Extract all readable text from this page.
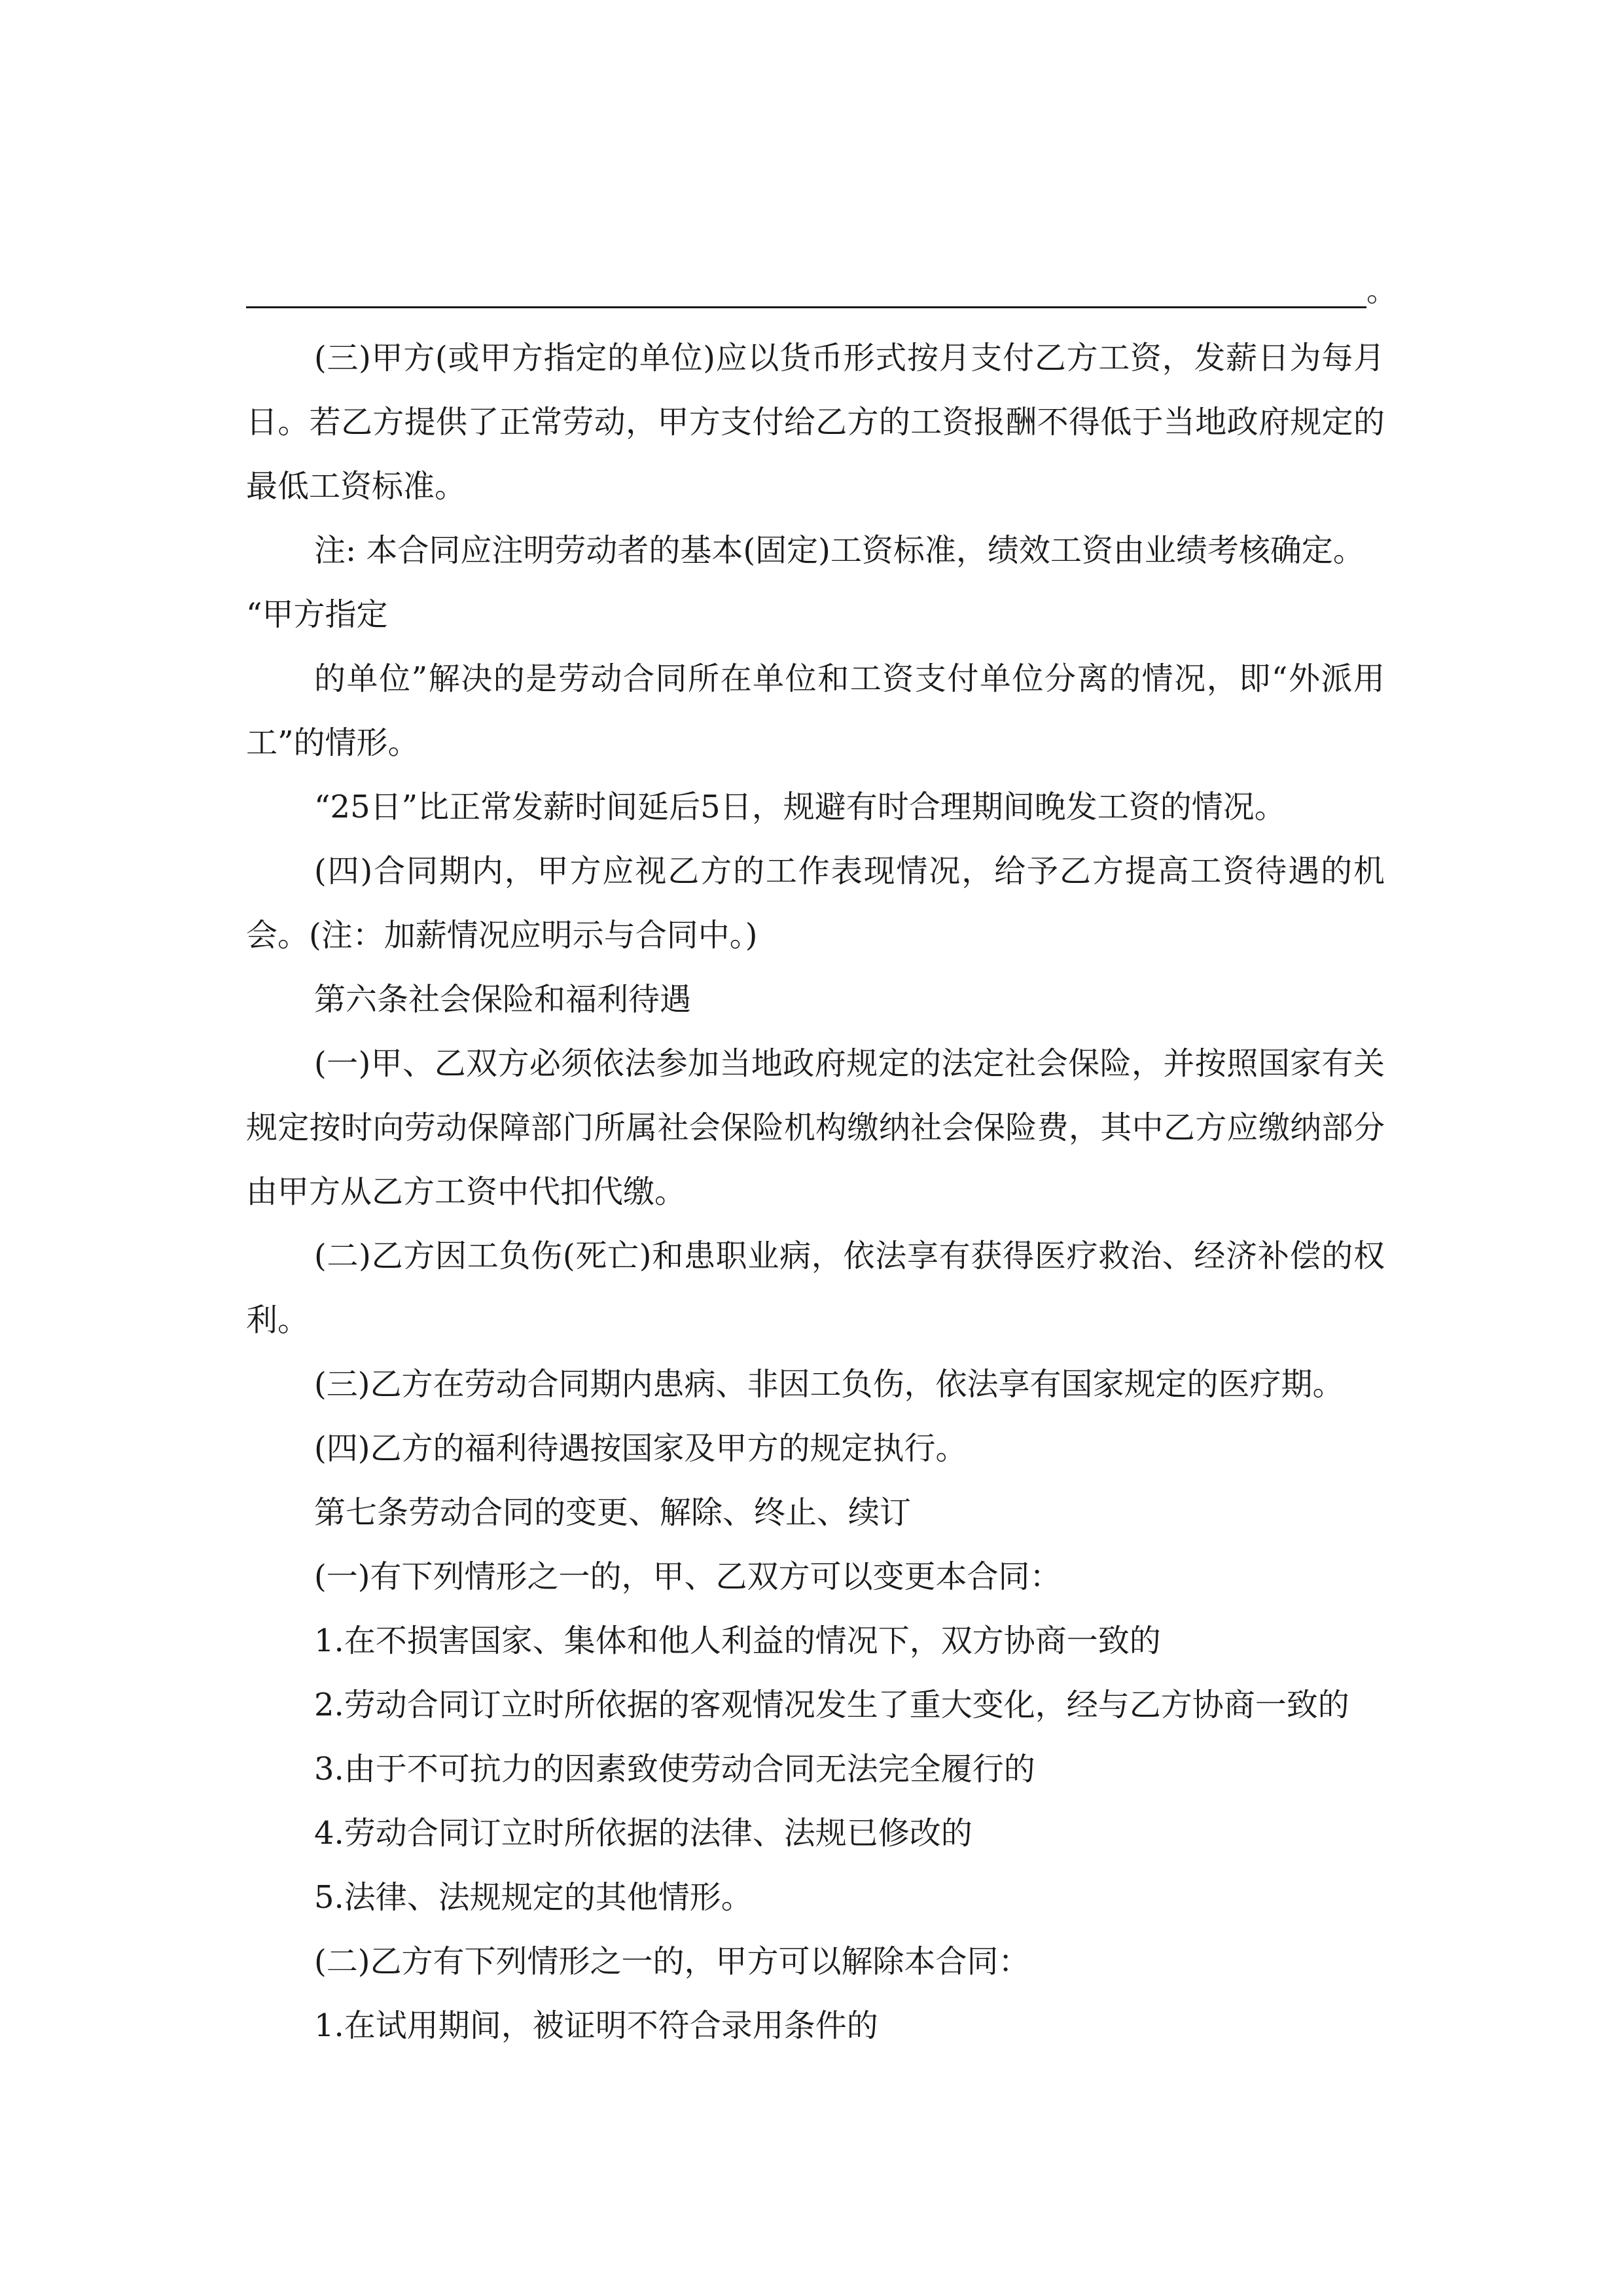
。

(三)甲方(或甲方指定的单位)应以货币形式按月支付乙方工资，发薪日为每月日。若乙方提供了正常劳动，甲方支付给乙方的工资报酬不得低于当地政府规定的最低工资标准。

注: 本合同应注明劳动者的基本(固定)工资标准，绩效工资由业绩考核确定。

“甲方指定

的单位”解决的是劳动合同所在单位和工资支付单位分离的情况，即“外派用工”的情形。

“25日”比正常发薪时间延后5日，规避有时合理期间晚发工资的情况。

(四)合同期内，甲方应视乙方的工作表现情况，给予乙方提高工资待遇的机会。(注：加薪情况应明示与合同中。)

第六条社会保险和福利待遇

(一)甲、乙双方必须依法参加当地政府规定的法定社会保险，并按照国家有关规定按时向劳动保障部门所属社会保险机构缴纳社会保险费，其中乙方应缴纳部分由甲方从乙方工资中代扣代缴。

(二)乙方因工负伤(死亡)和患职业病，依法享有获得医疗救治、经济补偿的权利。

(三)乙方在劳动合同期内患病、非因工负伤，依法享有国家规定的医疗期。

(四)乙方的福利待遇按国家及甲方的规定执行。

第七条劳动合同的变更、解除、终止、续订

(一)有下列情形之一的，甲、乙双方可以变更本合同：

1.在不损害国家、集体和他人利益的情况下，双方协商一致的

2.劳动合同订立时所依据的客观情况发生了重大变化，经与乙方协商一致的

3.由于不可抗力的因素致使劳动合同无法完全履行的

4.劳动合同订立时所依据的法律、法规已修改的

5.法律、法规规定的其他情形。

(二)乙方有下列情形之一的，甲方可以解除本合同：

1.在试用期间，被证明不符合录用条件的
